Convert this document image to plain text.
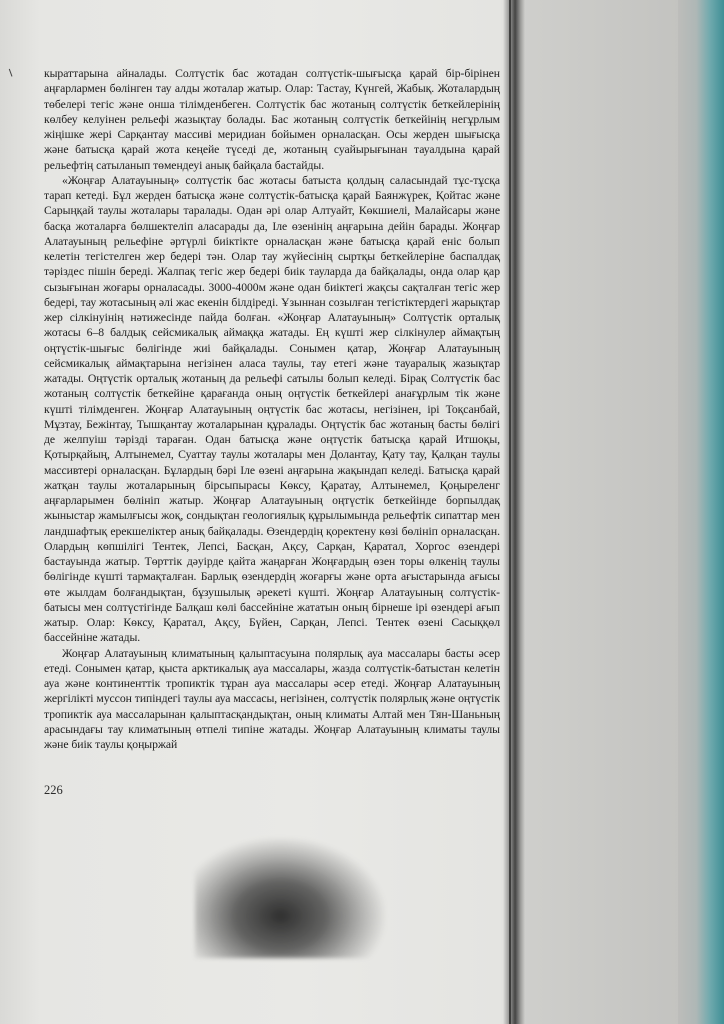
кыраттарына айналады. Солтүстік бас жотадан солтүстік-шығысқа қарай бір-бірінен аңғарлармен бөлінген тау алды жоталар жатыр. Олар: Тастау, Күнгей, Жабық. Жоталардың төбелері тегіс және онша тілімденбеген. Солтүстік бас жотаның солтүстік беткейлерінің көлбеу келуінен рельефі жазықтау болады. Бас жотаның солтүстік беткейінің негұрлым жіңішке жері Сарқантау массиві меридиан бойымен орналасқан. Осы жерден шығысқа және батысқа қарай жота кеңейе түседі де, жотаның суайырығынан тауалдына қарай рельефтің сатыланып төмендеуі анық байқала бастайды.

«Жоңғар Алатауының» солтүстік бас жотасы батыста қолдың саласындай тұс-тұсқа тарап кетеді. Бұл жерден батысқа және солтүстік-батысқа қарай Баянжүрек, Қойтас және Сарыңқай таулы жоталары таралады. Одан әрі олар Алтуайт, Көкшиелі, Малайсары және басқа жоталарға бөлшектеліп аласарады да, Іле өзенінің аңғарына дейін барады. Жоңғар Алатауының рельефіне әртүрлі биіктікте орналасқан және батысқа қарай еніс болып келетін тегістелген жер бедері тән. Олар тау жүйесінің сыртқы беткейлеріне баспалдақ тәріздес пішін береді. Жалпақ тегіс жер бедері биік тауларда да байқалады, онда олар қар сызығынан жоғары орналасады. 3000-4000м және одан биіктегі жақсы сақталған тегіс жер бедері, тау жотасының әлі жас екенін білдіреді. Ұзыннан созылған тегістіктердегі жарықтар жер сілкінуінің нәтижесінде пайда болған. «Жоңғар Алатауының» Солтүстік орталық жотасы 6–8 балдық сейсмикалық аймаққа жатады. Ең күшті жер сілкінулер аймақтың оңтүстік-шығыс бөлігінде жиі байқалады. Сонымен қатар, Жоңғар Алатауының сейсмикалық аймақтарына негізінен аласа таулы, тау етегі және тауаралық жазықтар жатады. Оңтүстік орталық жотаның да рельефі сатылы болып келеді. Бірақ Солтүстік бас жотаның солтүстік беткейіне қарағанда оның оңтүстік беткейлері анағұрлым тік және күшті тілімденген. Жоңғар Алатауының оңтүстік бас жотасы, негізінен, ірі Тоқсанбай, Мұзтау, Бежінтау, Тышқантау жоталарынан құралады. Оңтүстік бас жотаның басты бөлігі де желпуіш тәрізді тараған. Одан батысқа және оңтүстік батысқа қарай Итшоқы, Қотырқайың, Алтынемел, Суаттау таулы жоталары мен Долантау, Қату тау, Қалқан таулы массивтері орналасқан. Бұлардың бәрі Іле өзені аңғарына жақындап келеді. Батысқа қарай жатқан таулы жоталарының бірсыпырасы Көксу, Қаратау, Алтынемел, Қоңыреленг аңғарларымен бөлініп жатыр. Жоңғар Алатауының оңтүстік беткейінде борпылдақ жыныстар жамылғысы жоқ, сондықтан геологиялық құрылымында рельефтік сипаттар мен ландшафтық ерекшеліктер анық байқалады. Өзендердің қоректену көзі бөлініп орналасқан. Олардың көпшілігі Тентек, Лепсі, Басқан, Ақсу, Сарқан, Қаратал, Хоргос өзендері бастауында жатыр. Төрттік дәуірде қайта жаңарған Жоңғардың өзен торы өлкенің таулы бөлігінде күшті тармақталған. Барлық өзендердің жоғарғы және орта ағыстарында ағысы өте жылдам болғандықтан, бұзушылық әрекеті күшті. Жоңғар Алатауының солтүстік-батысы мен солтүстігінде Балқаш көлі бассейніне жататын оның бірнеше ірі өзендері ағып жатыр. Олар: Көксу, Қаратал, Ақсу, Бүйен, Сарқан, Лепсі. Тентек өзені Сасыққөл бассейніне жатады.

Жоңғар Алатауының климатының қалыптасуына полярлық ауа массалары басты әсер етеді. Сонымен қатар, қыста арктикалық ауа массалары, жазда солтүстік-батыстан келетін ауа және континенттік тропиктік тұран ауа массалары әсер етеді. Жоңғар Алатауының жергілікті муссон типіндегі таулы ауа массасы, негізінен, солтүстік полярлық және оңтүстік тропиктік ауа массаларынан қалыптасқандықтан, оның климаты Алтай мен Тян-Шаньның арасындағы тау климатының өтпелі типіне жатады. Жоңғар Алатауының климаты таулы және биік таулы қоңыржай

226
